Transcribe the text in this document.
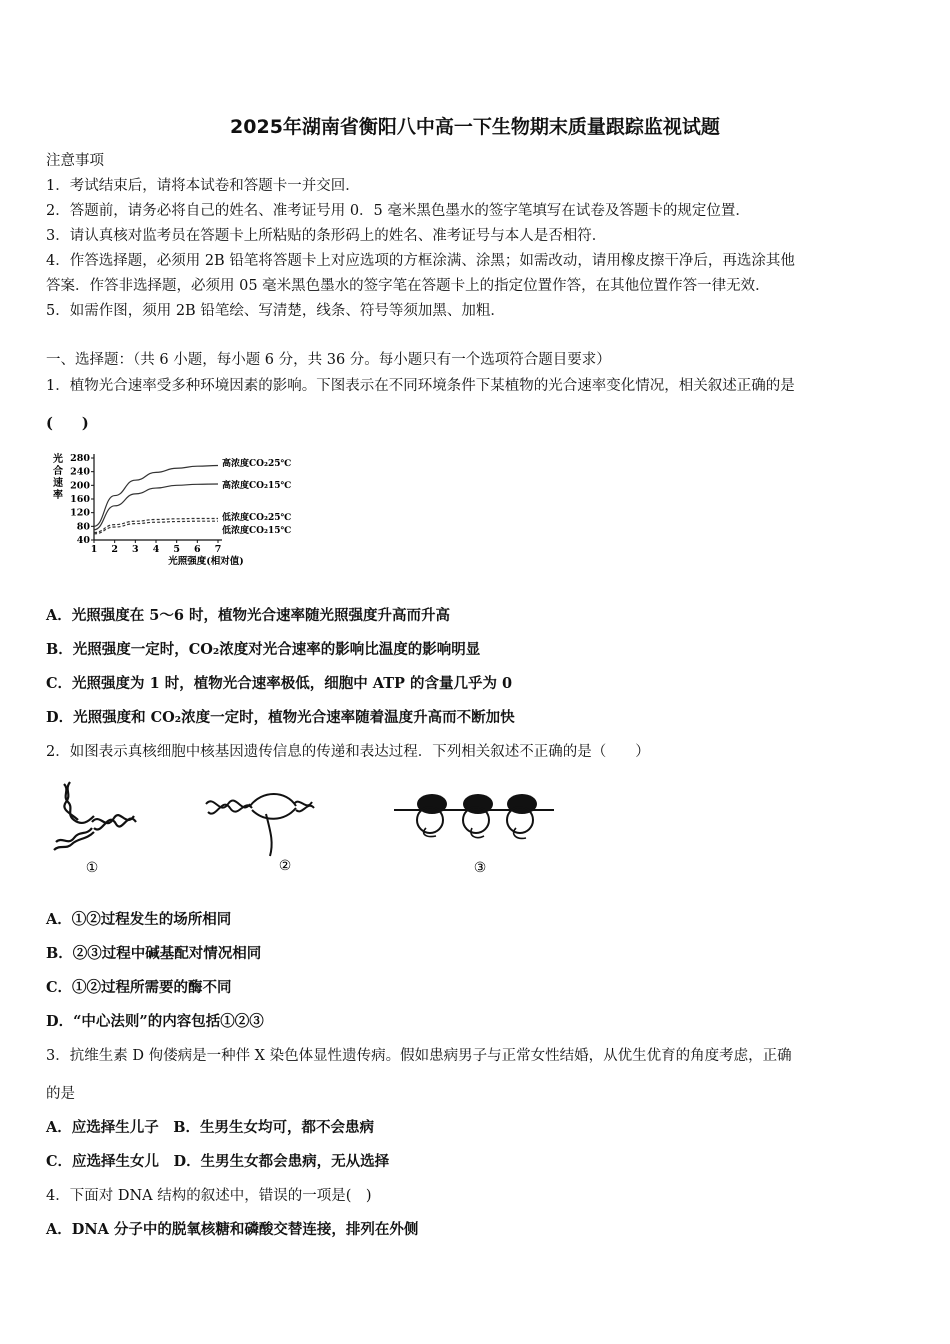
2025年湖南省衡阳八中高一下生物期末质量跟踪监视试题
注意事项
1．考试结束后，请将本试卷和答题卡一并交回．
2．答题前，请务必将自己的姓名、准考证号用 0．5 毫米黑色墨水的签字笔填写在试卷及答题卡的规定位置．
3．请认真核对监考员在答题卡上所粘贴的条形码上的姓名、准考证号与本人是否相符．
4．作答选择题，必须用 2B 铅笔将答题卡上对应选项的方框涂满、涂黑；如需改动，请用橡皮擦干净后，再选涂其他
答案．作答非选择题，必须用 05 毫米黑色墨水的签字笔在答题卡上的指定位置作答，在其他位置作答一律无效．
5．如需作图，须用 2B 铅笔绘、写清楚，线条、符号等须加黑、加粗．
一、选择题：（共 6 小题，每小题 6 分，共 36 分。每小题只有一个选项符合题目要求）
1．植物光合速率受多种环境因素的影响。下图表示在不同环境条件下某植物的光合速率变化情况，相关叙述正确的是
(　　)
光合速率
280
240
200
160
120
80
40
1 2 3 4 5 6 7
高浓度CO₂25℃
高浓度CO₂15℃
低浓度CO₂25℃
低浓度CO₂15℃
光照强度(相对值)
A．光照强度在 5～6 时，植物光合速率随光照强度升高而升高
B．光照强度一定时，CO₂浓度对光合速率的影响比温度的影响明显
C．光照强度为 1 时，植物光合速率极低，细胞中 ATP 的含量几乎为 0
D．光照强度和 CO₂浓度一定时，植物光合速率随着温度升高而不断加快
2．如图表示真核细胞中核基因遗传信息的传递和表达过程．下列相关叙述不正确的是（　　）
①	②	③
A．①②过程发生的场所相同
B．②③过程中碱基配对情况相同
C．①②过程所需要的酶不同
D．“中心法则”的内容包括①②③
3．抗维生素 D 佝偻病是一种伴 X 染色体显性遗传病。假如患病男子与正常女性结婚，从优生优育的角度考虑，正确
的是
A．应选择生儿子　B．生男生女均可，都不会患病
C．应选择生女儿　D．生男生女都会患病，无从选择
4．下面对 DNA 结构的叙述中，错误的一项是(　)
A．DNA 分子中的脱氧核糖和磷酸交替连接，排列在外侧
